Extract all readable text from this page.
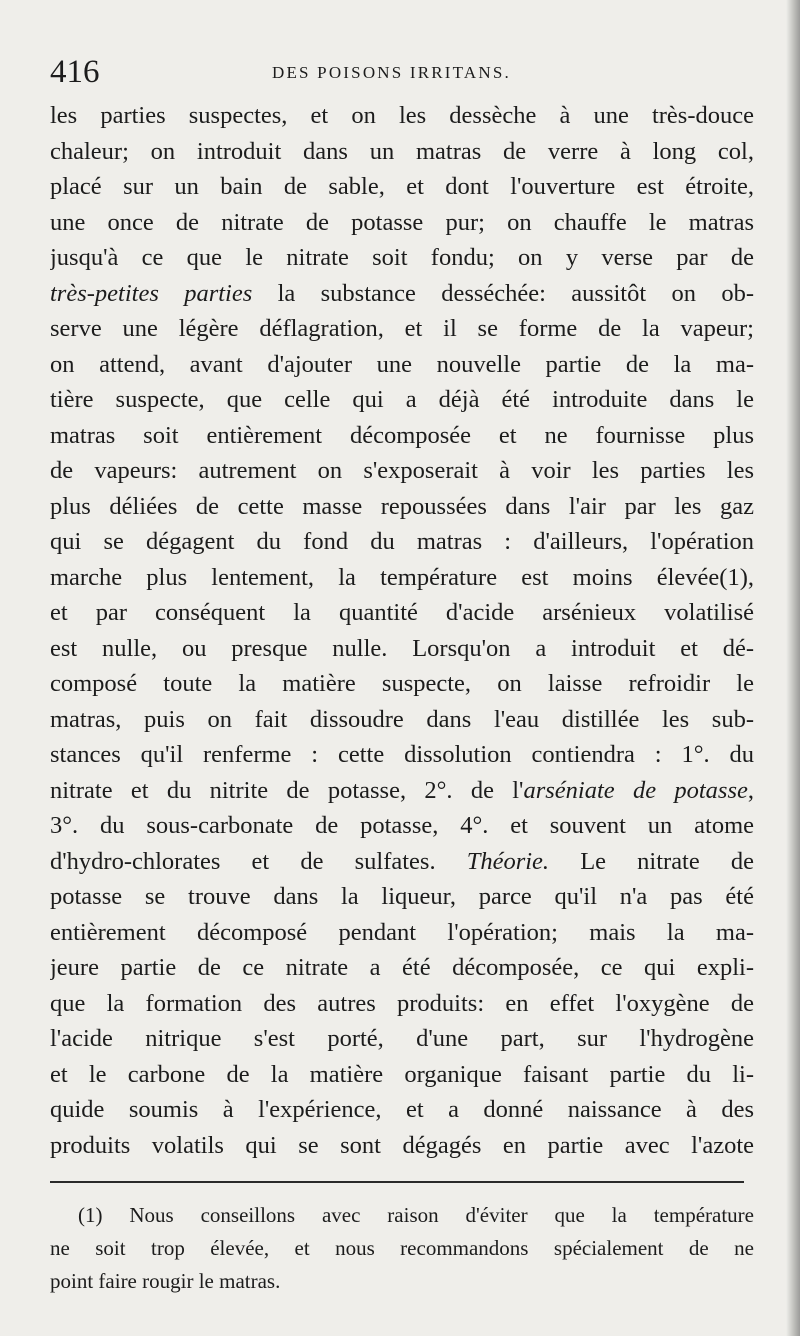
416	DES POISONS IRRITANS.
les parties suspectes, et on les dessèche à une très-douce
chaleur; on introduit dans un matras de verre à long col,
placé sur un bain de sable, et dont l'ouverture est étroite,
une once de nitrate de potasse pur; on chauffe le matras
jusqu'à ce que le nitrate soit fondu; on y verse par de
très-petites parties la substance desséchée: aussitôt on ob-
serve une légère déflagration, et il se forme de la vapeur;
on attend, avant d'ajouter une nouvelle partie de la ma-
tière suspecte, que celle qui a déjà été introduite dans le
matras soit entièrement décomposée et ne fournisse plus
de vapeurs: autrement on s'exposerait à voir les parties les
plus déliées de cette masse repoussées dans l'air par les gaz
qui se dégagent du fond du matras : d'ailleurs, l'opération
marche plus lentement, la température est moins élevée(1),
et par conséquent la quantité d'acide arsénieux volatilisé
est nulle, ou presque nulle. Lorsqu'on a introduit et dé-
composé toute la matière suspecte, on laisse refroidir le
matras, puis on fait dissoudre dans l'eau distillée les sub-
stances qu'il renferme : cette dissolution contiendra : 1°. du
nitrate et du nitrite de potasse, 2°. de l'arséniate de potasse,
3°. du sous-carbonate de potasse, 4°. et souvent un atome
d'hydro-chlorates et de sulfates. Théorie. Le nitrate de
potasse se trouve dans la liqueur, parce qu'il n'a pas été
entièrement décomposé pendant l'opération; mais la ma-
jeure partie de ce nitrate a été décomposée, ce qui expli-
que la formation des autres produits: en effet l'oxygène de
l'acide nitrique s'est porté, d'une part, sur l'hydrogène
et le carbone de la matière organique faisant partie du li-
quide soumis à l'expérience, et a donné naissance à des
produits volatils qui se sont dégagés en partie avec l'azote
(1) Nous conseillons avec raison d'éviter que la température
ne soit trop élevée, et nous recommandons spécialement de ne
point faire rougir le matras.
